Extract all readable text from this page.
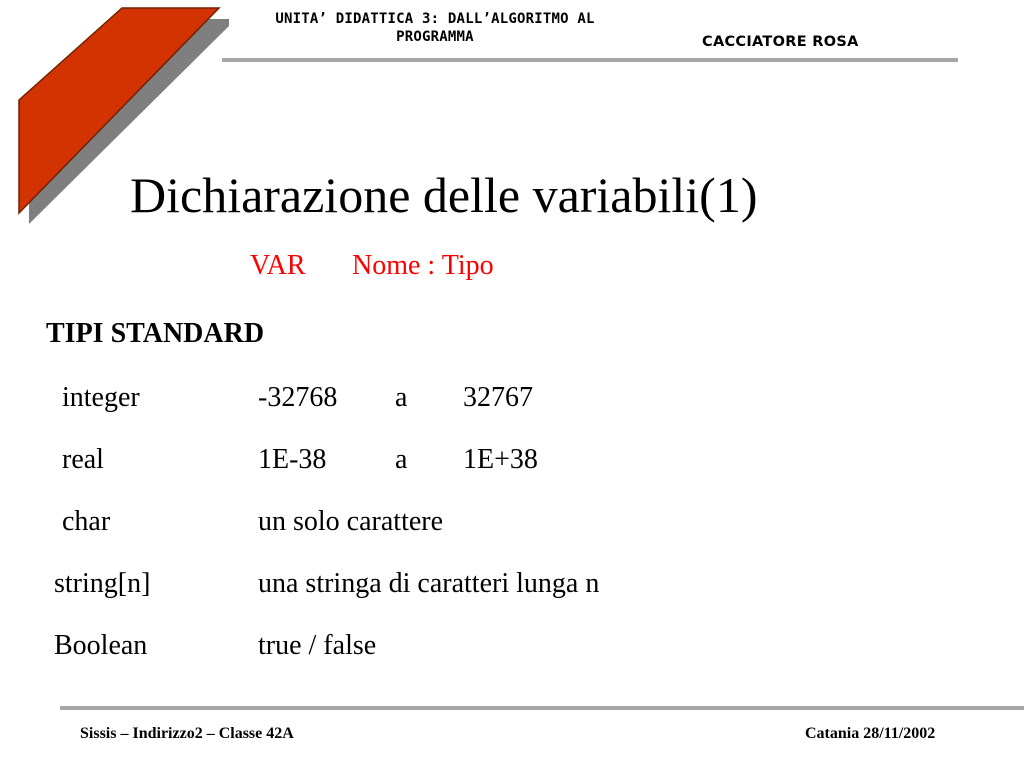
UNITA’ DIDATTICA 3: DALL’ALGORITMO AL
PROGRAMMA	CACCIATORE ROSA
Dichiarazione delle variabili(1)
VAR Nome : Tipo
TIPI STANDARD
integer	-32768 a 32767
real	1E-38 a 1E+38
char	un solo carattere
string[n]	una stringa di caratteri lunga n
Boolean	true / false
Sissis – Indirizzo2 – Classe 42A	Catania 28/11/2002
